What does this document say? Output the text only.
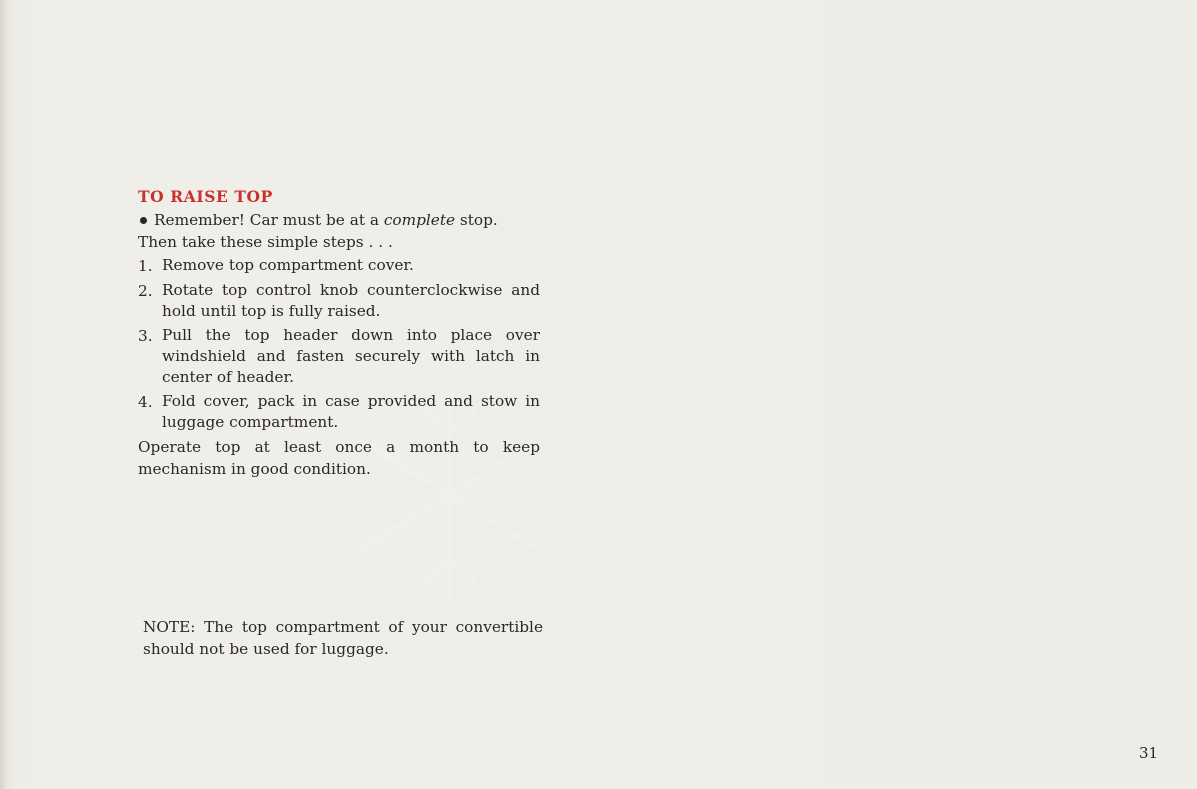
TO RAISE TOP

Remember! Car must be at a complete stop.

Then take these simple steps . . .

1. Remove top compartment cover.
2. Rotate top control knob counterclockwise and hold until top is fully raised.
3. Pull the top header down into place over windshield and fasten securely with latch in center of header.
4. Fold cover, pack in case provided and stow in luggage compartment.

Operate top at least once a month to keep mechanism in good condition.

NOTE: The top compartment of your convertible should not be used for luggage.

31
